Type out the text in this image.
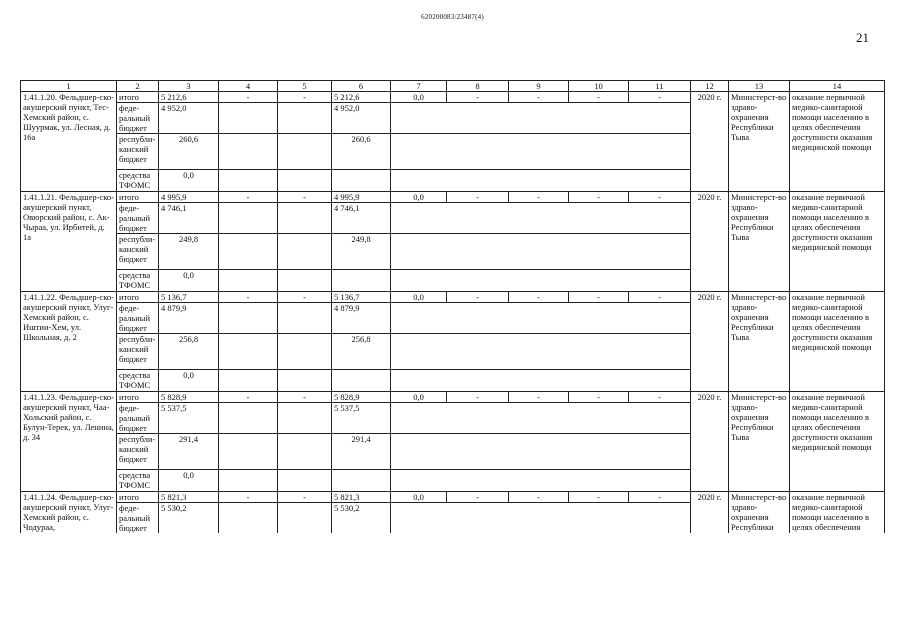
620200083/23487(4)
21
1	2	3	4	5	6	7	8	9	10	11	12	13	14
1.41.1.20. Фельдшер-ско-акушерский пункт, Тес-Хемский район, с. Шуурмак, ул. Лесная, д. 16а	итого	5 212,6	-	-	5 212,6	0,0	-	-	-	-	2020 г.	Министерст-во здраво-охранения Республики Тыва	оказание первичной медико-санитарной помощи населению в целях обеспечения доступности оказания медицинской помощи
	феде-ральный бюджет	4 952,0			4 952,0								
	республи-канский бюджет	260,6			260,6								
	средства ТФОМС	0,0											
1.41.1.21. Фельдшер-ско-акушерский пункт, Овюрский район, с. Ак-Чыраа, ул. Ирбитей, д. 1а	итого	4 995,9	-	-	4 995,9	0,0	-	-	-	-	2020 г.	Министерст-во здраво-охранения Республики Тыва	оказание первичной медико-санитарной помощи населению в целях обеспечения доступности оказания медицинской помощи
	феде-ральный бюджет	4 746,1			4 746,1								
	республи-канский бюджет	249,8			249,8								
	средства ТФОМС	0,0											
1.41.1.22. Фельдшер-ско-акушерский пункт, Улуг-Хемский район, с. Иштии-Хем, ул. Школьная, д. 2	итого	5 136,7	-	-	5 136,7	0,0	-	-	-	-	2020 г.	Министерст-во здраво-охранения Республики Тыва	оказание первичной медико-санитарной помощи населению в целях обеспечения доступности оказания медицинской помощи
	феде-ральный бюджет	4 879,9			4 879,9								
	республи-канский бюджет	256,8			256,8								
	средства ТФОМС	0,0											
1.41.1.23. Фельдшер-ско-акушерский пункт, Чаа-Хольский район, с. Булун-Терек, ул. Ленина, д. 34	итого	5 828,9	-	-	5 828,9	0,0	-	-	-	-	2020 г.	Министерст-во здраво-охранения Республики Тыва	оказание первичной медико-санитарной помощи населению в целях обеспечения доступности оказания медицинской помощи
	феде-ральный бюджет	5 537,5			5 537,5								
	республи-канский бюджет	291,4			291,4								
	средства ТФОМС	0,0											
1.41.1.24. Фельдшер-ско-акушерский пункт, Улуг-Хемский район, с. Чодураа,	итого	5 821,3	-	-	5 821,3	0,0	-	-	-	-	2020 г.	Министерст-во здраво-охранения Республики	оказание первичной медико-санитарной помощи населению в целях обеспечения
	феде-ральный бюджет	5 530,2			5 530,2								
